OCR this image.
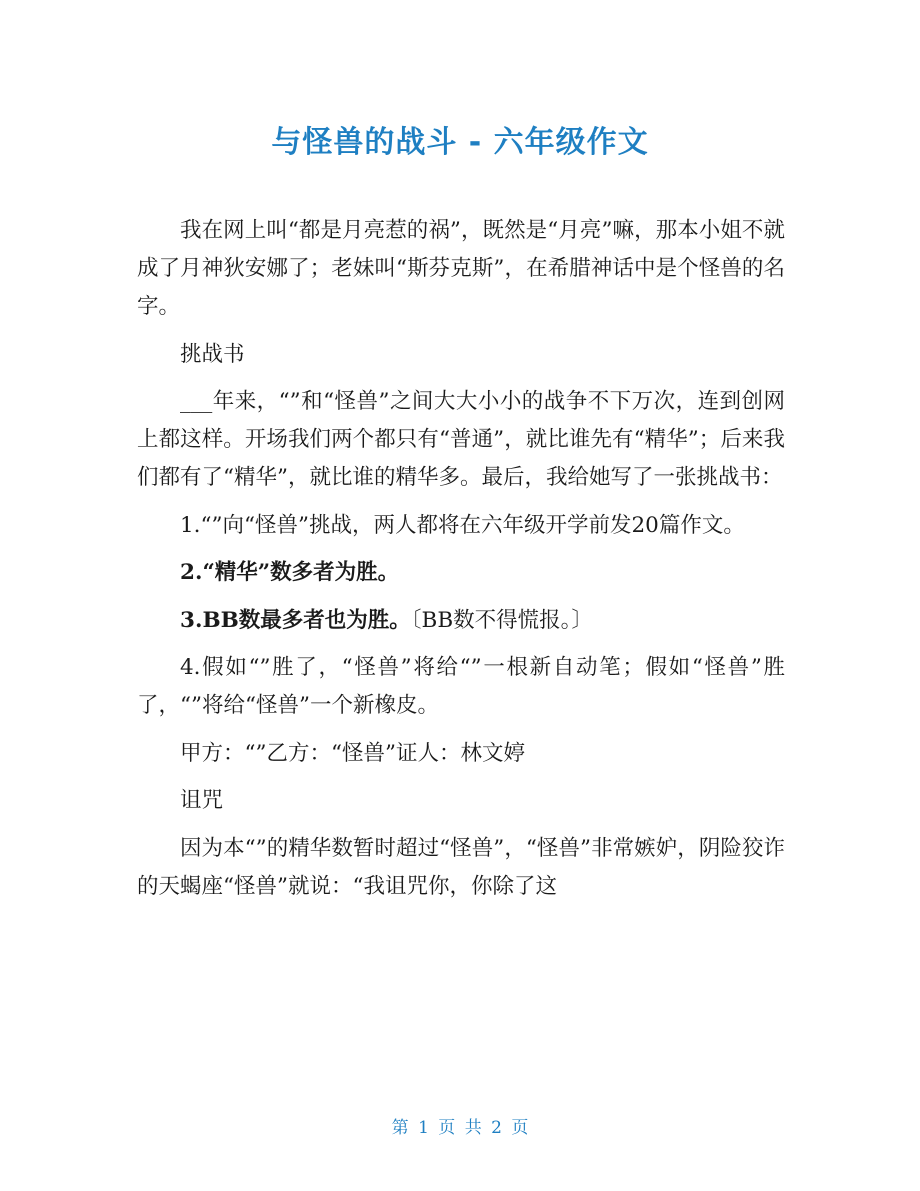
与怪兽的战斗 - 六年级作文

我在网上叫“都是月亮惹的祸”，既然是“月亮”嘛，那本小姐不就成了月神狄安娜了；老妹叫“斯芬克斯”，在希腊神话中是个怪兽的名字。

挑战书

___年来，“”和“怪兽”之间大大小小的战争不下万次，连到创网上都这样。开场我们两个都只有“普通”，就比谁先有“精华”；后来我们都有了“精华”，就比谁的精华多。最后，我给她写了一张挑战书：

1.“”向“怪兽”挑战，两人都将在六年级开学前发20篇作文。

2.“精华”数多者为胜。

3.BB数最多者也为胜。〔BB数不得慌报。〕

4.假如“”胜了，“怪兽”将给“”一根新自动笔；假如“怪兽”胜了，“”将给“怪兽”一个新橡皮。

甲方：“”乙方：“怪兽”证人：林文婷

诅咒

因为本“”的精华数暂时超过“怪兽”，“怪兽”非常嫉妒，阴险狡诈的天蝎座“怪兽”就说：“我诅咒你，你除了这

第 1 页 共 2 页
